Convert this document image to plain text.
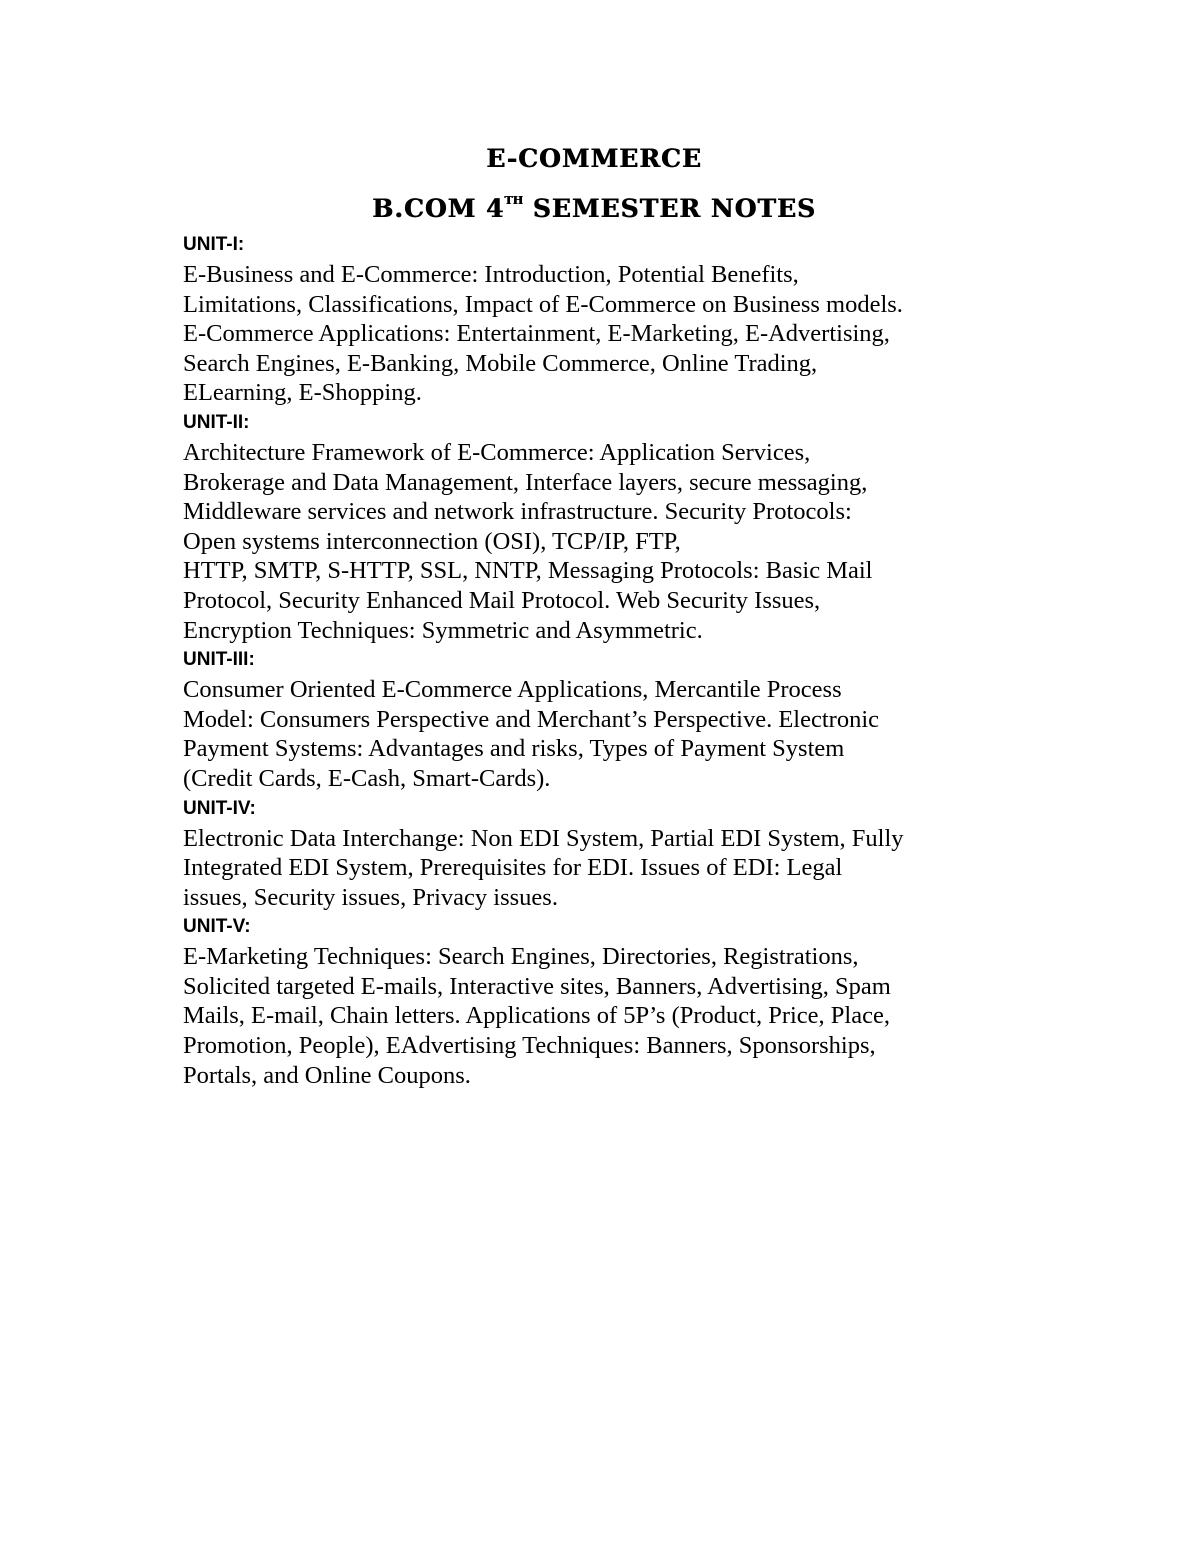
E-COMMERCE

B.COM 4TH SEMESTER NOTES

UNIT-I:

E-Business and E-Commerce: Introduction, Potential Benefits,
Limitations, Classifications, Impact of E-Commerce on Business models.
E-Commerce Applications: Entertainment, E-Marketing, E-Advertising,
Search Engines, E-Banking, Mobile Commerce, Online Trading,
ELearning, E-Shopping.

UNIT-II:

Architecture Framework of E-Commerce: Application Services,
Brokerage and Data Management, Interface layers, secure messaging,
Middleware services and network infrastructure. Security Protocols:
Open systems interconnection (OSI), TCP/IP, FTP,
HTTP, SMTP, S-HTTP, SSL, NNTP, Messaging Protocols: Basic Mail
Protocol, Security Enhanced Mail Protocol. Web Security Issues,
Encryption Techniques: Symmetric and Asymmetric.

UNIT-III:

Consumer Oriented E-Commerce Applications, Mercantile Process
Model: Consumers Perspective and Merchant’s Perspective. Electronic
Payment Systems: Advantages and risks, Types of Payment System
(Credit Cards, E-Cash, Smart-Cards).

UNIT-IV:

Electronic Data Interchange: Non EDI System, Partial EDI System, Fully
Integrated EDI System, Prerequisites for EDI. Issues of EDI: Legal
issues, Security issues, Privacy issues.

UNIT-V:

E-Marketing Techniques: Search Engines, Directories, Registrations,
Solicited targeted E-mails, Interactive sites, Banners, Advertising, Spam
Mails, E-mail, Chain letters. Applications of 5P’s (Product, Price, Place,
Promotion, People), EAdvertising Techniques: Banners, Sponsorships,
Portals, and Online Coupons.
